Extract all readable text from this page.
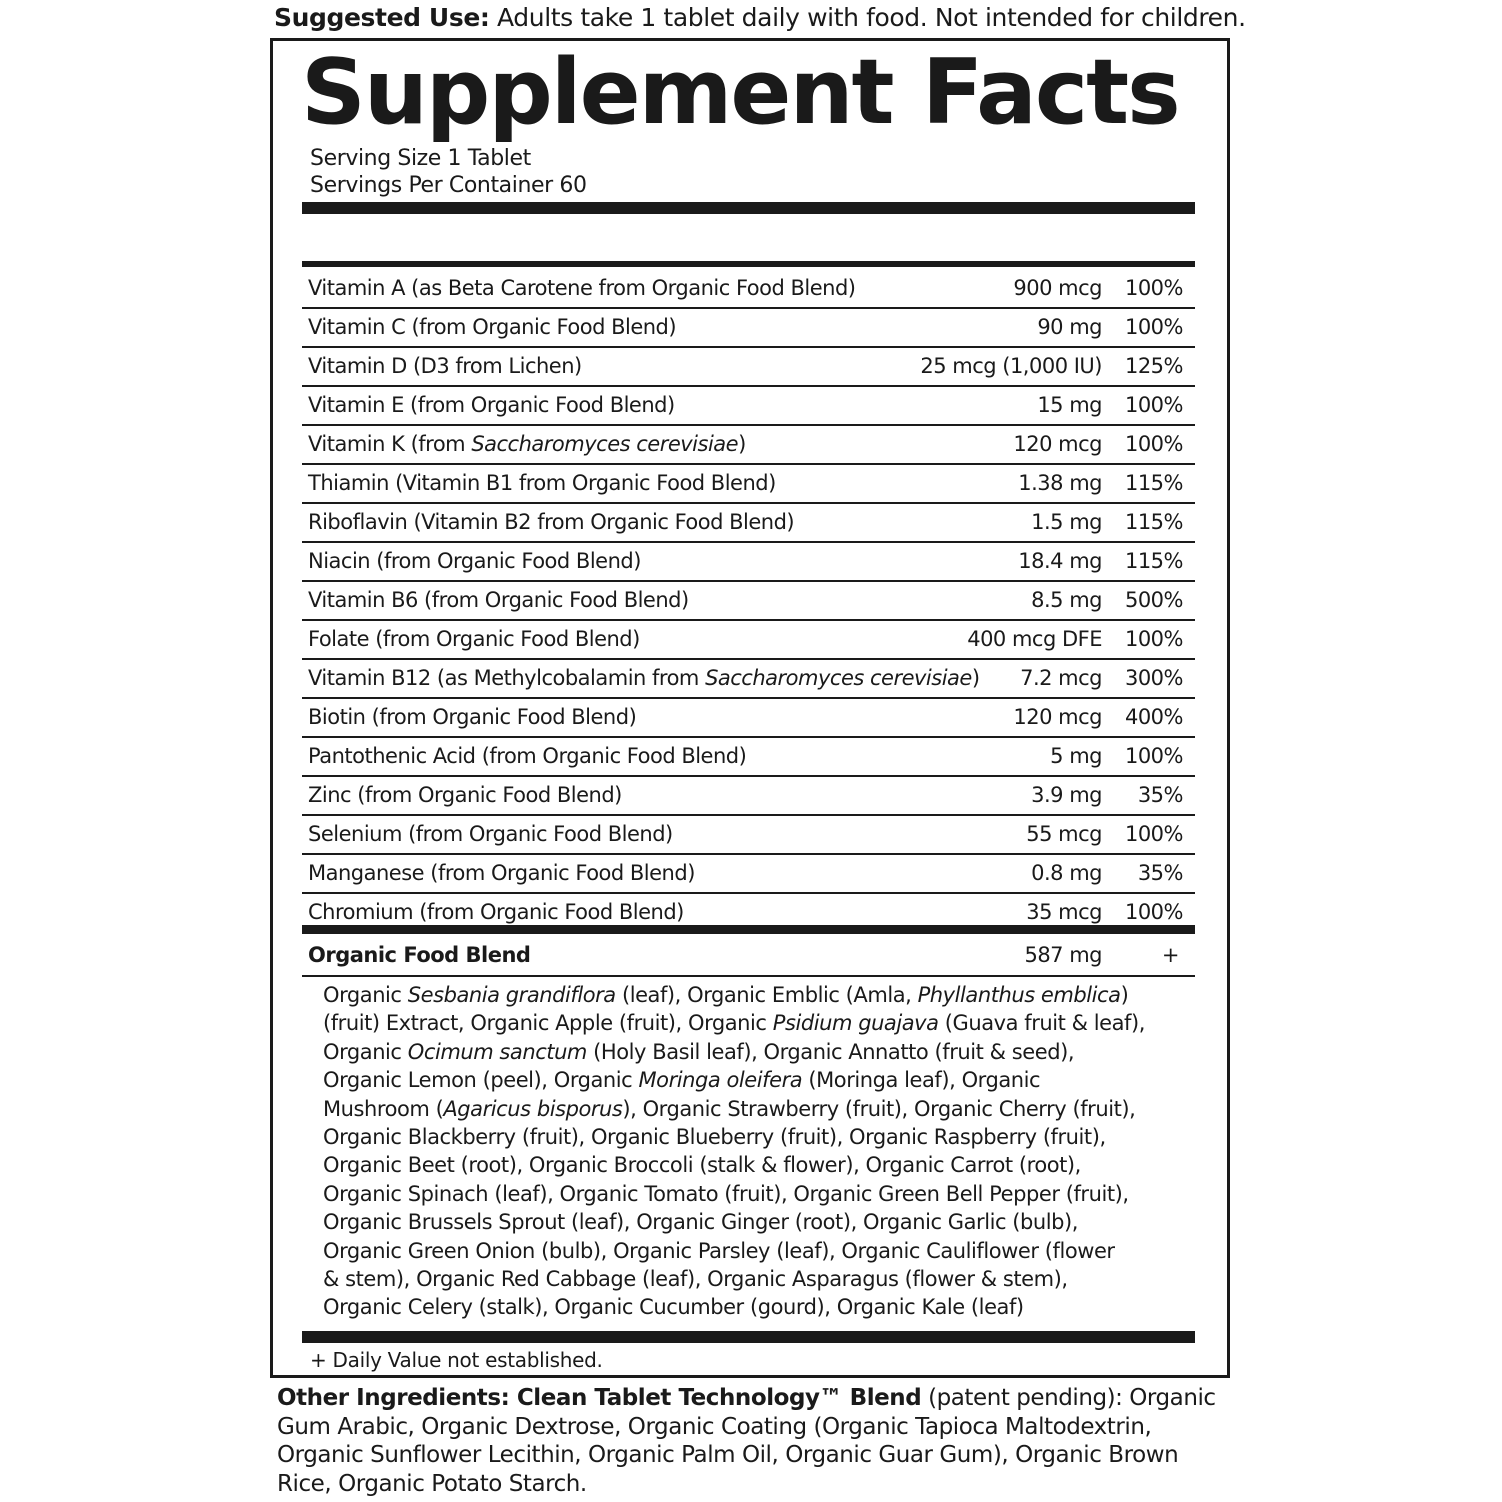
Suggested Use: Adults take 1 tablet daily with food. Not intended for children.
Supplement Facts
Serving Size 1 Tablet
Servings Per Container 60
Vitamin A (as Beta Carotene from Organic Food Blend)	900 mcg 100%
Vitamin C (from Organic Food Blend)	90 mg 100%
Vitamin D (D3 from Lichen)	25 mcg (1,000 IU) 125%
Vitamin E (from Organic Food Blend)	15 mg 100%
Vitamin K (from Saccharomyces cerevisiae)	120 mcg 100%
Thiamin (Vitamin B1 from Organic Food Blend)	1.38 mg 115%
Riboflavin (Vitamin B2 from Organic Food Blend)	1.5 mg 115%
Niacin (from Organic Food Blend)	18.4 mg 115%
Vitamin B6 (from Organic Food Blend)	8.5 mg 500%
Folate (from Organic Food Blend)	400 mcg DFE 100%
Vitamin B12 (as Methylcobalamin from Saccharomyces cerevisiae) 7.2 mcg 300%
Biotin (from Organic Food Blend)	120 mcg 400%
Pantothenic Acid (from Organic Food Blend)	5 mg 100%
Zinc (from Organic Food Blend)	3.9 mg 35%
Selenium (from Organic Food Blend)	55 mcg 100%
Manganese (from Organic Food Blend)	0.8 mg 35%
Chromium (from Organic Food Blend)	35 mcg 100%
Organic Food Blend	587 mg	+
Organic Sesbania grandiflora (leaf), Organic Emblic (Amla, Phyllanthus emblica)
(fruit) Extract, Organic Apple (fruit), Organic Psidium guajava (Guava fruit & leaf),
Organic Ocimum sanctum (Holy Basil leaf), Organic Annatto (fruit & seed),
Organic Lemon (peel), Organic Moringa oleifera (Moringa leaf), Organic
Mushroom (Agaricus bisporus), Organic Strawberry (fruit), Organic Cherry (fruit),
Organic Blackberry (fruit), Organic Blueberry (fruit), Organic Raspberry (fruit),
Organic Beet (root), Organic Broccoli (stalk & flower), Organic Carrot (root),
Organic Spinach (leaf), Organic Tomato (fruit), Organic Green Bell Pepper (fruit),
Organic Brussels Sprout (leaf), Organic Ginger (root), Organic Garlic (bulb),
Organic Green Onion (bulb), Organic Parsley (leaf), Organic Cauliflower (flower
& stem), Organic Red Cabbage (leaf), Organic Asparagus (flower & stem),
Organic Celery (stalk), Organic Cucumber (gourd), Organic Kale (leaf)
+ Daily Value not established.
Other Ingredients: Clean Tablet Technology™ Blend (patent pending): Organic
Gum Arabic, Organic Dextrose, Organic Coating (Organic Tapioca Maltodextrin,
Organic Sunflower Lecithin, Organic Palm Oil, Organic Guar Gum), Organic Brown
Rice, Organic Potato Starch.
